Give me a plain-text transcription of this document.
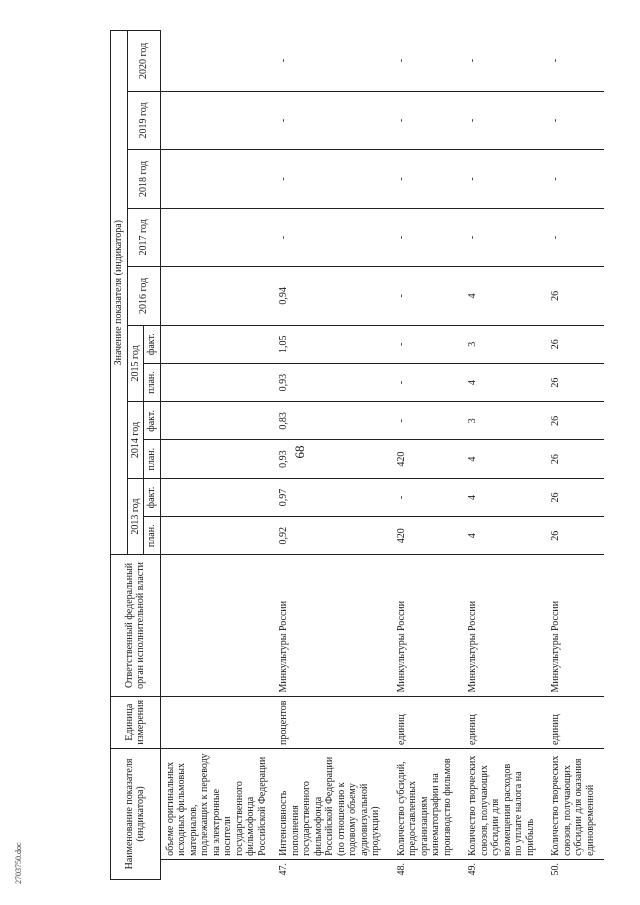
68
2703750.doc	Наименование показателя (индикатора)		Единица измерения	Ответственный федеральный орган исполнительной власти	Значение показателя (индикатора)										
				2013 год		2014 год		2015 год		2016 год	2017 год	2018 год	2019 год	2020 год
				план.	факт.	план.	факт.	план.	факт.					
	объеме оригинальных исходных фильмовых материалов, подлежащих к переводу на электронные носители государственного фильмофонда Российской Федерации													
47.	Интенсивность пополнения государственного фильмофонда Российской Федерации (по отношению к годовому объему аудиовизуальной продукции)	процентов	Минкультуры России	0,92	0,97	0,93	0,83	0,93	1,05	0,94	-	-	-	-
48.	Количество субсидий, предоставленных организациям кинематографии на производство фильмов	единиц	Минкультуры России	420	-	420	-	-	-	-	-	-	-	-
49.	Количество творческих союзов, получающих субсидии для возмещения расходов по уплате налога на прибыль	единиц	Минкультуры России	4	4	4	3	4	3	4	-	-	-	-
50.	Количество творческих союзов, получающих субсидии для оказания единовременной	единиц	Минкультуры России	26	26	26	26	26	26	26	-	-	-	-
